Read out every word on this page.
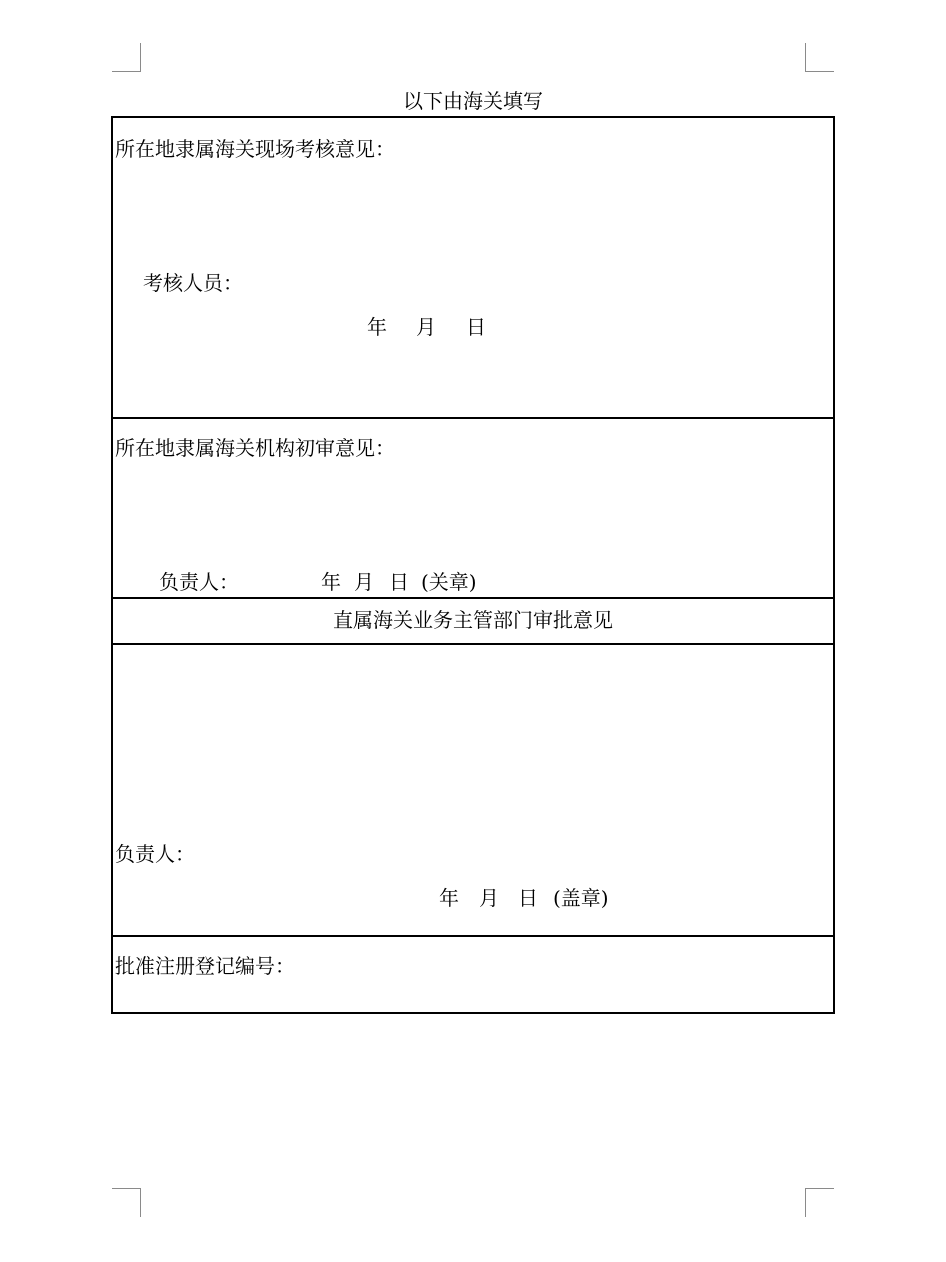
以下由海关填写
所在地隶属海关现场考核意见：
考核人员：
年 月 日
所在地隶属海关机构初审意见：
负责人：	年 月 日 (关章)
直属海关业务主管部门审批意见
负责人：
年 月 日 (盖章)
批准注册登记编号：
